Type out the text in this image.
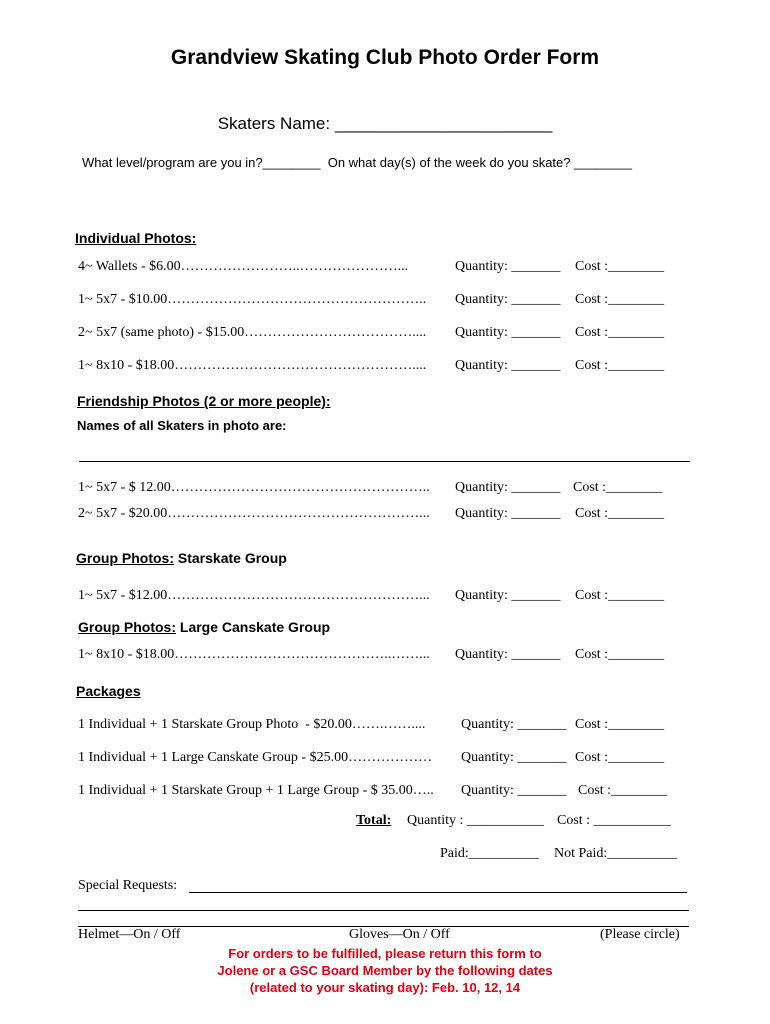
Grandview Skating Club Photo Order Form
Skaters Name: _______________________
What level/program are you in?________  On what day(s) of the week do you skate? ________
Individual Photos:
4~ Wallets - $6.00……………………..…………………...	Quantity: _______ Cost :________
1~ 5x7 - $10.00……………………………………………….. Quantity: _______ Cost :________
2~ 5x7 (same photo) - $15.00……………………………….... Quantity: _______ Cost :________
1~ 8x10 - $18.00…………………………………………….... Quantity: _______ Cost :________
Friendship Photos (2 or more people):
Names of all Skaters in photo are:
1~ 5x7 - $ 12.00……………………………………………….. Quantity: _______ Cost :________
2~ 5x7 - $20.00………………………………………………... Quantity: _______ Cost :________
Group Photos: Starskate Group
1~ 5x7 - $12.00………………………………………………... Quantity: _______ Cost :________
Group Photos: Large Canskate Group
1~ 8x10 - $18.00………………………………………..……... Quantity: _______ Cost :________
Packages
1 Individual + 1 Starskate Group Photo  - $20.00…….……....	Quantity: _______ Cost :________
1 Individual + 1 Large Canskate Group - $25.00……………… Quantity: _______ Cost :________
1 Individual + 1 Starskate Group + 1 Large Group - $ 35.00….. Quantity: _______ Cost :________
Total: Quantity : ___________ Cost : ___________
Paid:__________ Not Paid:__________
Special Requests:
Helmet—On / Off	Gloves—On / Off	(Please circle)
For orders to be fulfilled, please return this form to
Jolene or a GSC Board Member by the following dates
(related to your skating day): Feb. 10, 12, 14
